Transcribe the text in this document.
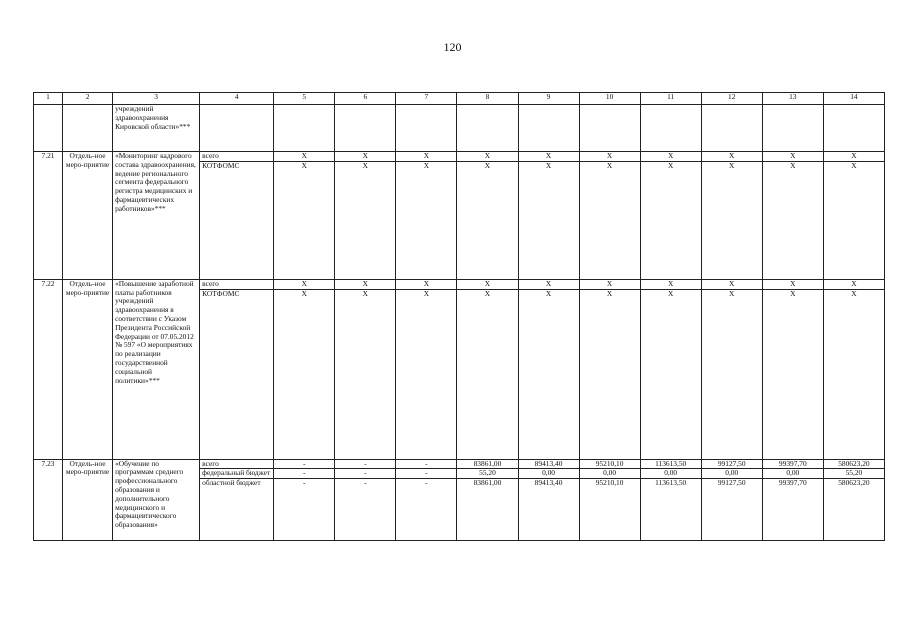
120
1	2	3	4	5	6	7	8	9	10	11	12	13	14
		учреждений здравоохранения Кировской области»***											
7.21	Отдель-ное меро-приятие	«Мониторинг кадрового состава здравоохранения, ведение регионального сегмента федерального регистра медицинских и фармацевтических работников»***	всего	X	X	X	X	X	X	X	X	X	X
			КОТФОМС	X	X	X	X	X	X	X	X	X	X
7.22	Отдель-ное меро-приятие	«Повышение заработной платы работников учреждений здравоохранения в соответствии с Указом Президента Российской Федерации от 07.05.2012 № 597 «О мероприятиях по реализации государственной социальной политики»***	всего	X	X	X	X	X	X	X	X	X	X
			КОТФОМС	X	X	X	X	X	X	X	X	X	X
7.23	Отдель-ное меро-приятие	«Обучение по программам среднего профессионального образования и дополнительного медицинского и фармацевтического образования»	всего	-	-	-	83861,00	89413,40	95210,10	113613,50	99127,50	99397,70	580623,20
			федеральный бюджет	-	-	-	55,20	0,00	0,00	0,00	0,00	0,00	55,20
			областной бюджет	-	-	-	83861,00	89413,40	95210,10	113613,50	99127,50	99397,70	580623,20
